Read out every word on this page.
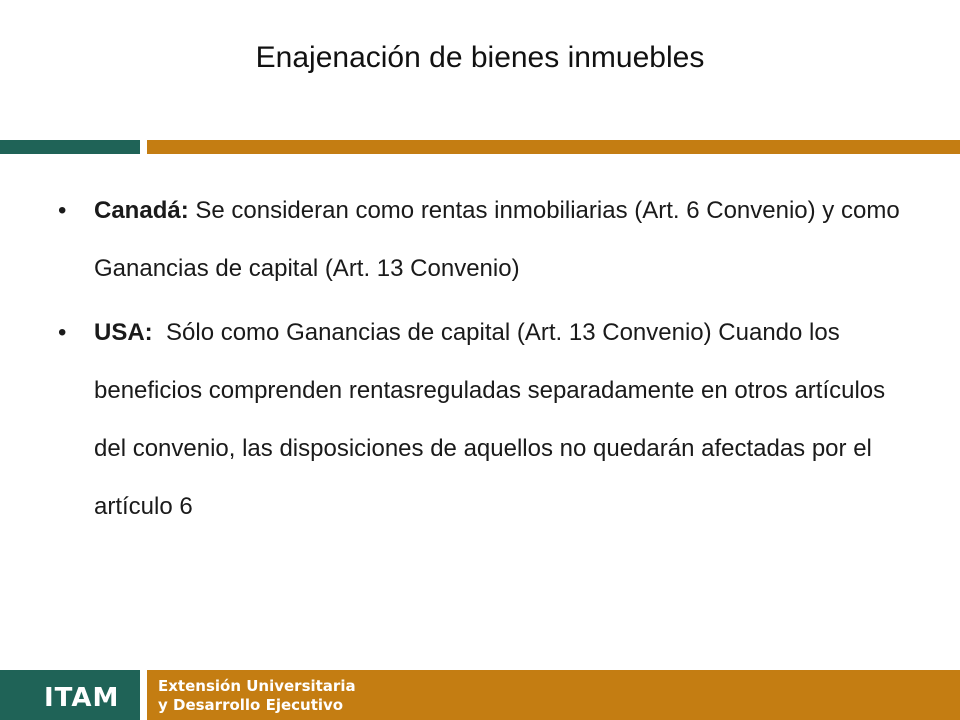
Enajenación de bienes inmuebles
• Canadá: Se consideran como rentas inmobiliarias (Art. 6 Convenio) y como Ganancias de capital (Art. 13 Convenio)
• USA:  Sólo como Ganancias de capital (Art. 13 Convenio) Cuando los beneficios comprenden rentasreguladas separadamente en otros artículos del convenio, las disposiciones de aquellos no quedarán afectadas por el artículo 6
ITAM	Extensión Universitaria
y Desarrollo Ejecutivo
